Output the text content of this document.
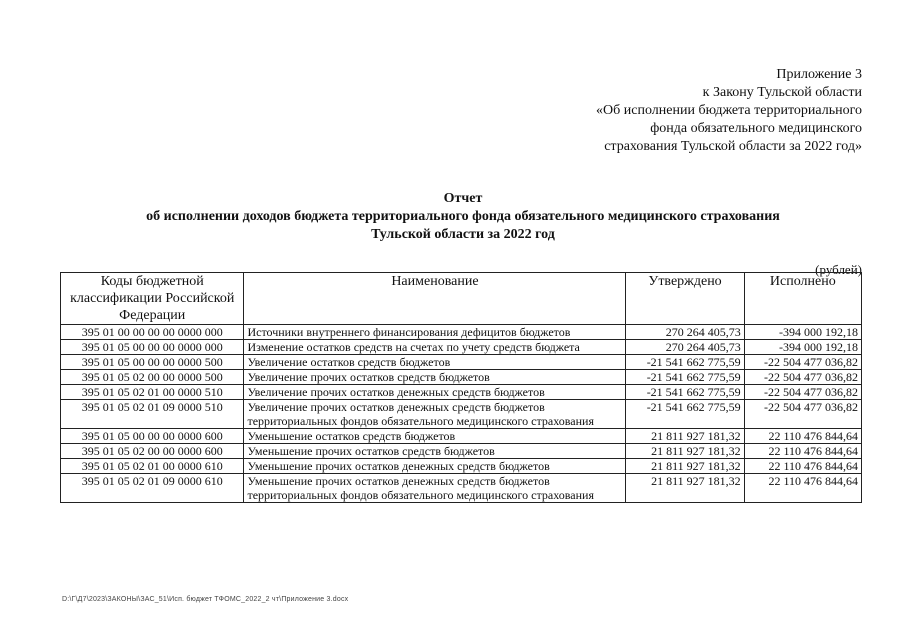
Приложение 3
к Закону Тульской области
«Об исполнении бюджета территориального
фонда обязательного медицинского
страхования Тульской области за 2022 год»
Отчет
об исполнении доходов бюджета территориального фонда обязательного медицинского страхования
Тульской области за 2022 год
(рублей)
Коды бюджетной классификации Российской Федерации	Наименование	Утверждено	Исполнено
395 01 00 00 00 00 0000 000	Источники внутреннего финансирования дефицитов бюджетов	270 264 405,73	-394 000 192,18
395 01 05 00 00 00 0000 000	Изменение остатков средств на счетах по учету средств бюджета	270 264 405,73	-394 000 192,18
395 01 05 00 00 00 0000 500	Увеличение остатков средств бюджетов	-21 541 662 775,59	-22 504 477 036,82
395 01 05 02 00 00 0000 500	Увеличение прочих остатков средств бюджетов	-21 541 662 775,59	-22 504 477 036,82
395 01 05 02 01 00 0000 510	Увеличение прочих остатков денежных средств бюджетов	-21 541 662 775,59	-22 504 477 036,82
395 01 05 02 01 09 0000 510	Увеличение прочих остатков денежных средств бюджетов территориальных фондов обязательного медицинского страхования	-21 541 662 775,59	-22 504 477 036,82
395 01 05 00 00 00 0000 600	Уменьшение остатков средств бюджетов	21 811 927 181,32	22 110 476 844,64
395 01 05 02 00 00 0000 600	Уменьшение прочих остатков средств бюджетов	21 811 927 181,32	22 110 476 844,64
395 01 05 02 01 00 0000 610	Уменьшение прочих остатков денежных средств бюджетов	21 811 927 181,32	22 110 476 844,64
395 01 05 02 01 09 0000 610	Уменьшение прочих остатков денежных средств бюджетов территориальных фондов обязательного медицинского страхования	21 811 927 181,32	22 110 476 844,64
D:\Г\Д7\2023\ЗАКОНЫ\ЗАС_51\Исп. бюджет ТФОМС_2022_2 чт\Приложение 3.docx
